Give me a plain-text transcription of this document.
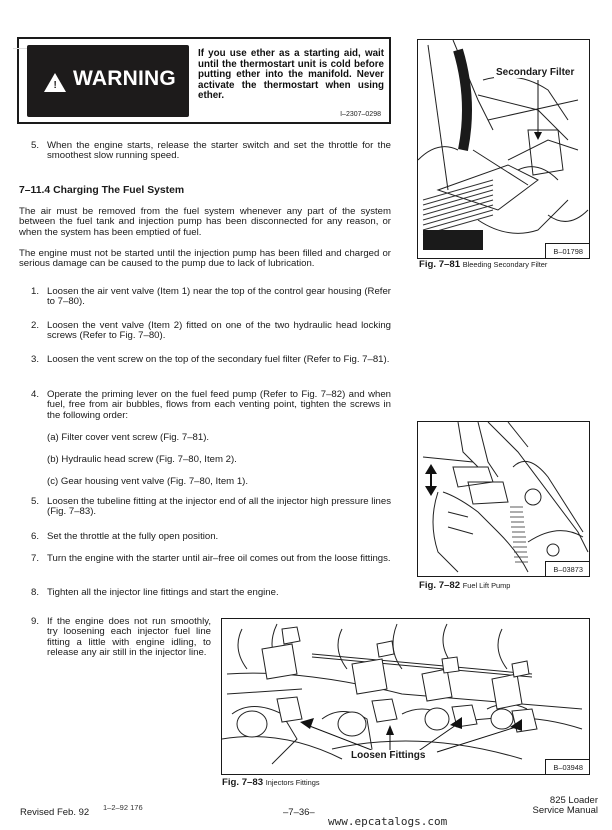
! WARNING
If you use ether as a starting aid, wait until the thermostart unit is cold before putting ether into the manifold. Never activate the thermostart when using ether.
I–2307–0298
5. When the engine starts, release the starter switch and set the throttle for the smoothest slow running speed.
7–11.4 Charging The Fuel System

The air must be removed from the fuel system whenever any part of the system between the fuel tank and injection pump has been disconnected for any reason, or when the system has been emptied of fuel.

The engine must not be started until the injection pump has been filled and charged or serious damage can be caused to the pump due to lack of lubrication.

1. Loosen the air vent valve (Item 1) near the top of the control gear housing (Refer to 7–80).
2. Loosen the vent valve (Item 2) fitted on one of the two hydraulic head locking screws (Refer to Fig. 7–80).
3. Loosen the vent screw on the top of the secondary fuel filter (Refer to Fig. 7–81).
4. Operate the priming lever on the fuel feed pump (Refer to Fig. 7–82) and when fuel, free from air bubbles, flows from each venting point, tighten the screws in the following order:
(a) Filter cover vent screw (Fig. 7–81).
(b) Hydraulic head screw (Fig. 7–80, Item 2).
(c) Gear housing vent valve (Fig. 7–80, Item 1).
5. Loosen the tubeline fitting at the injector end of all the injector high pressure lines (Fig. 7–83).
6. Set the throttle at the fully open position.
7. Turn the engine with the starter until air–free oil comes out from the loose fittings.
8. Tighten all the injector line fittings and start the engine.
9. If the engine does not run smoothly, try loosening each injector fuel line fitting a little with engine idling, to release any air still in the injector line.
Secondary Filter
B–01798
Fig. 7–81 Bleeding Secondary Filter
B–03873
Fig. 7–82 Fuel Lift Pump
Loosen Fittings
B–03948
Fig. 7–83 Injectors Fittings
Revised Feb. 92 1–2–92 176	–7–36–
www.epcatalogs.com
825 Loader
Service Manual
